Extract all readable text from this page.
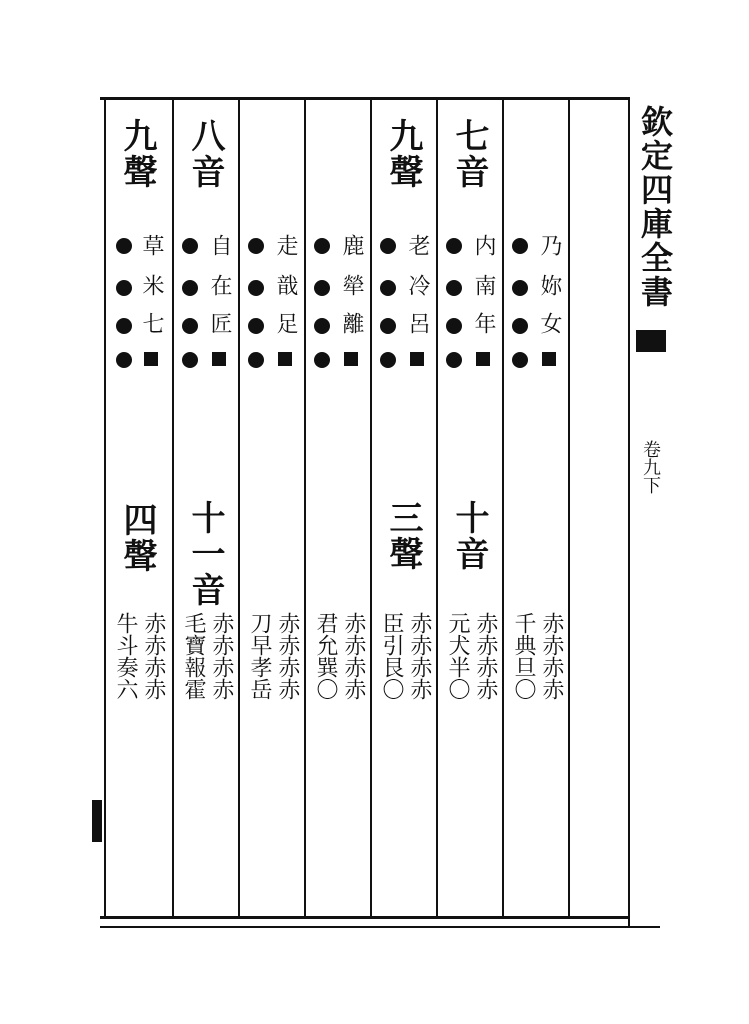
欽定四庫全書
卷九下
九聲
草
米
七
四聲
赤赤赤赤
牛斗奏六
八音
自
在
匠
十一音
赤赤赤赤
毛寶報霍
走
戠
足
赤赤赤赤
刀早孝岳
鹿
犖
離
赤赤赤赤
君允巽〇
九聲
老
冷
呂
三聲
赤赤赤赤
臣引艮〇
七音
内
南
年
十音
赤赤赤赤
元犬半〇
乃
妳
女
赤赤赤赤
千典旦〇
